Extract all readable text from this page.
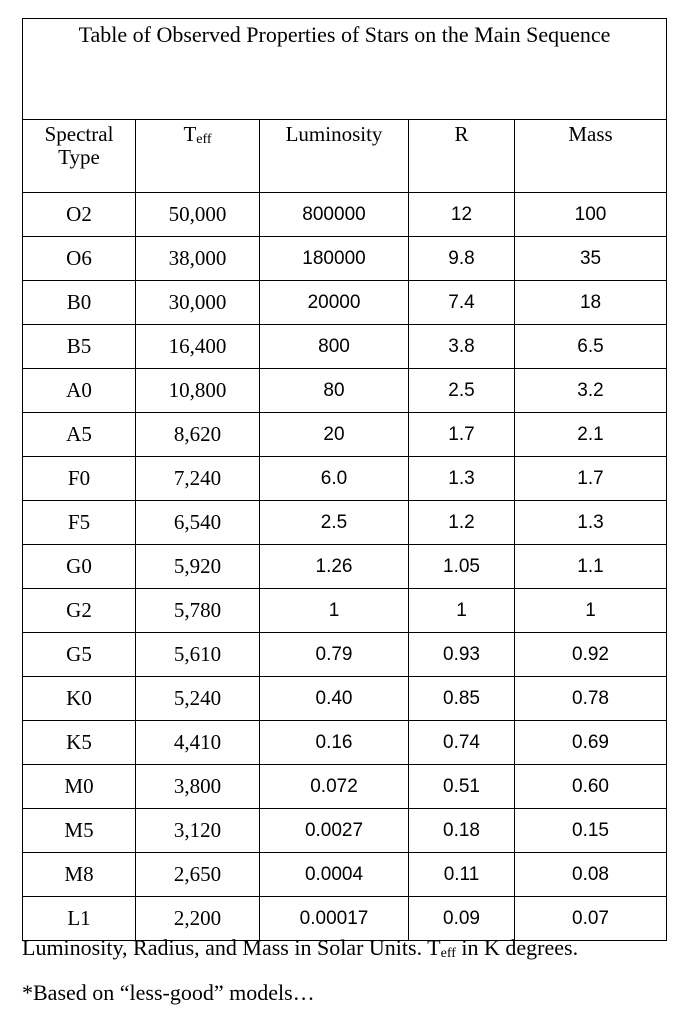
Table of Observed Properties of Stars on the Main Sequence				
Spectral
Type	$T_{eff}$	Luminosity	R	Mass
O2	50,000	800000	12	100
O6	38,000	180000	9.8	35
B0	30,000	20000	7.4	18
B5	16,400	800	3.8	6.5
A0	10,800	80	2.5	3.2
A5	8,620	20	1.7	2.1
F0	7,240	6.0	1.3	1.7
F5	6,540	2.5	1.2	1.3
G0	5,920	1.26	1.05	1.1
G2	5,780	1	1	1
G5	5,610	0.79	0.93	0.92
K0	5,240	0.40	0.85	0.78
K5	4,410	0.16	0.74	0.69
M0	3,800	0.072	0.51	0.60
M5	3,120	0.0027	0.18	0.15
M8	2,650	0.0004	0.11	0.08
L1	2,200	0.00017	0.09	0.07
Luminosity, Radius, and Mass in Solar Units. $T_{eff}$ in K degrees.
*Based on “less-good” models…
